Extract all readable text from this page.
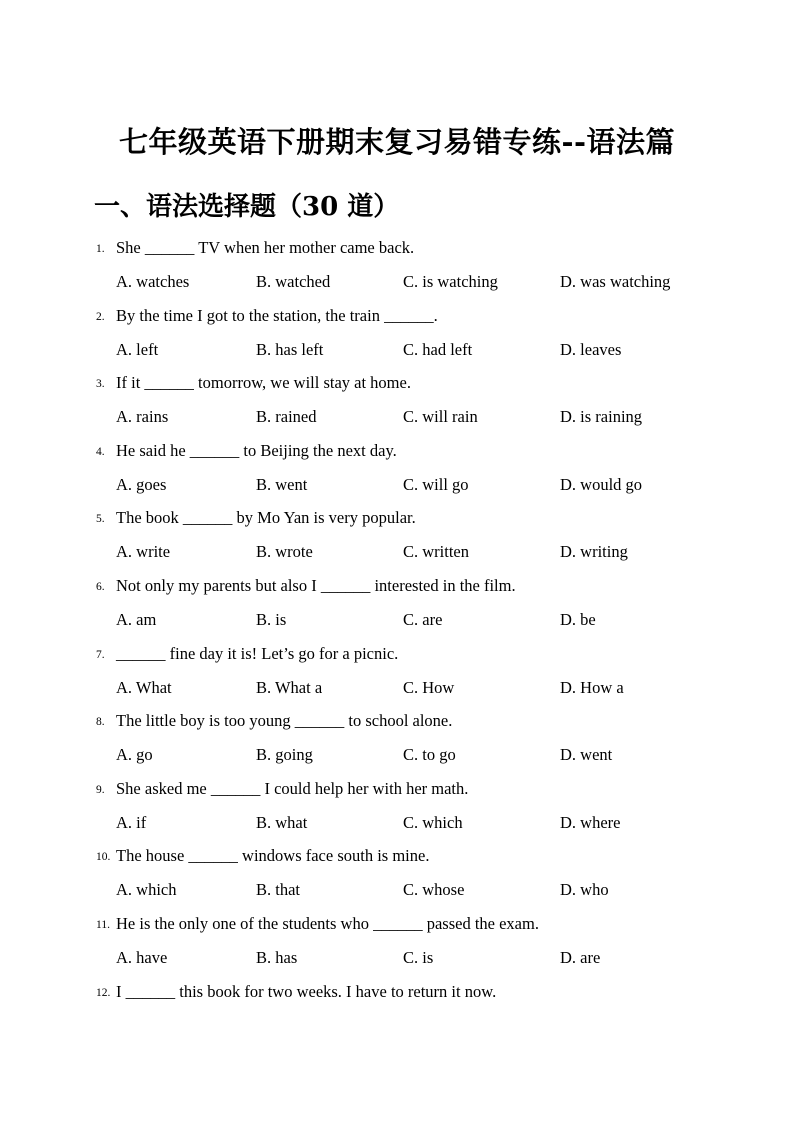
七年级英语下册期末复习易错专练--语法篇
一、语法选择题（30 道）
1. She ______ TV when her mother came back.
A. watches	B. watched	C. is watching	D. was watching
2. By the time I got to the station, the train ______.
A. left	B. has left	C. had left	D. leaves
3. If it ______ tomorrow, we will stay at home.
A. rains	B. rained	C. will rain	D. is raining
4. He said he ______ to Beijing the next day.
A. goes	B. went	C. will go	D. would go
5. The book ______ by Mo Yan is very popular.
A. write	B. wrote	C. written	D. writing
6. Not only my parents but also I ______ interested in the film.
A. am	B. is	C. are	D. be
7. ______ fine day it is! Let’s go for a picnic.
A. What	B. What a	C. How	D. How a
8. The little boy is too young ______ to school alone.
A. go	B. going	C. to go	D. went
9. She asked me ______ I could help her with her math.
A. if	B. what	C. which	D. where
10. The house ______ windows face south is mine.
A. which	B. that	C. whose	D. who
11. He is the only one of the students who ______ passed the exam.
A. have	B. has	C. is	D. are
12. I ______ this book for two weeks. I have to return it now.
